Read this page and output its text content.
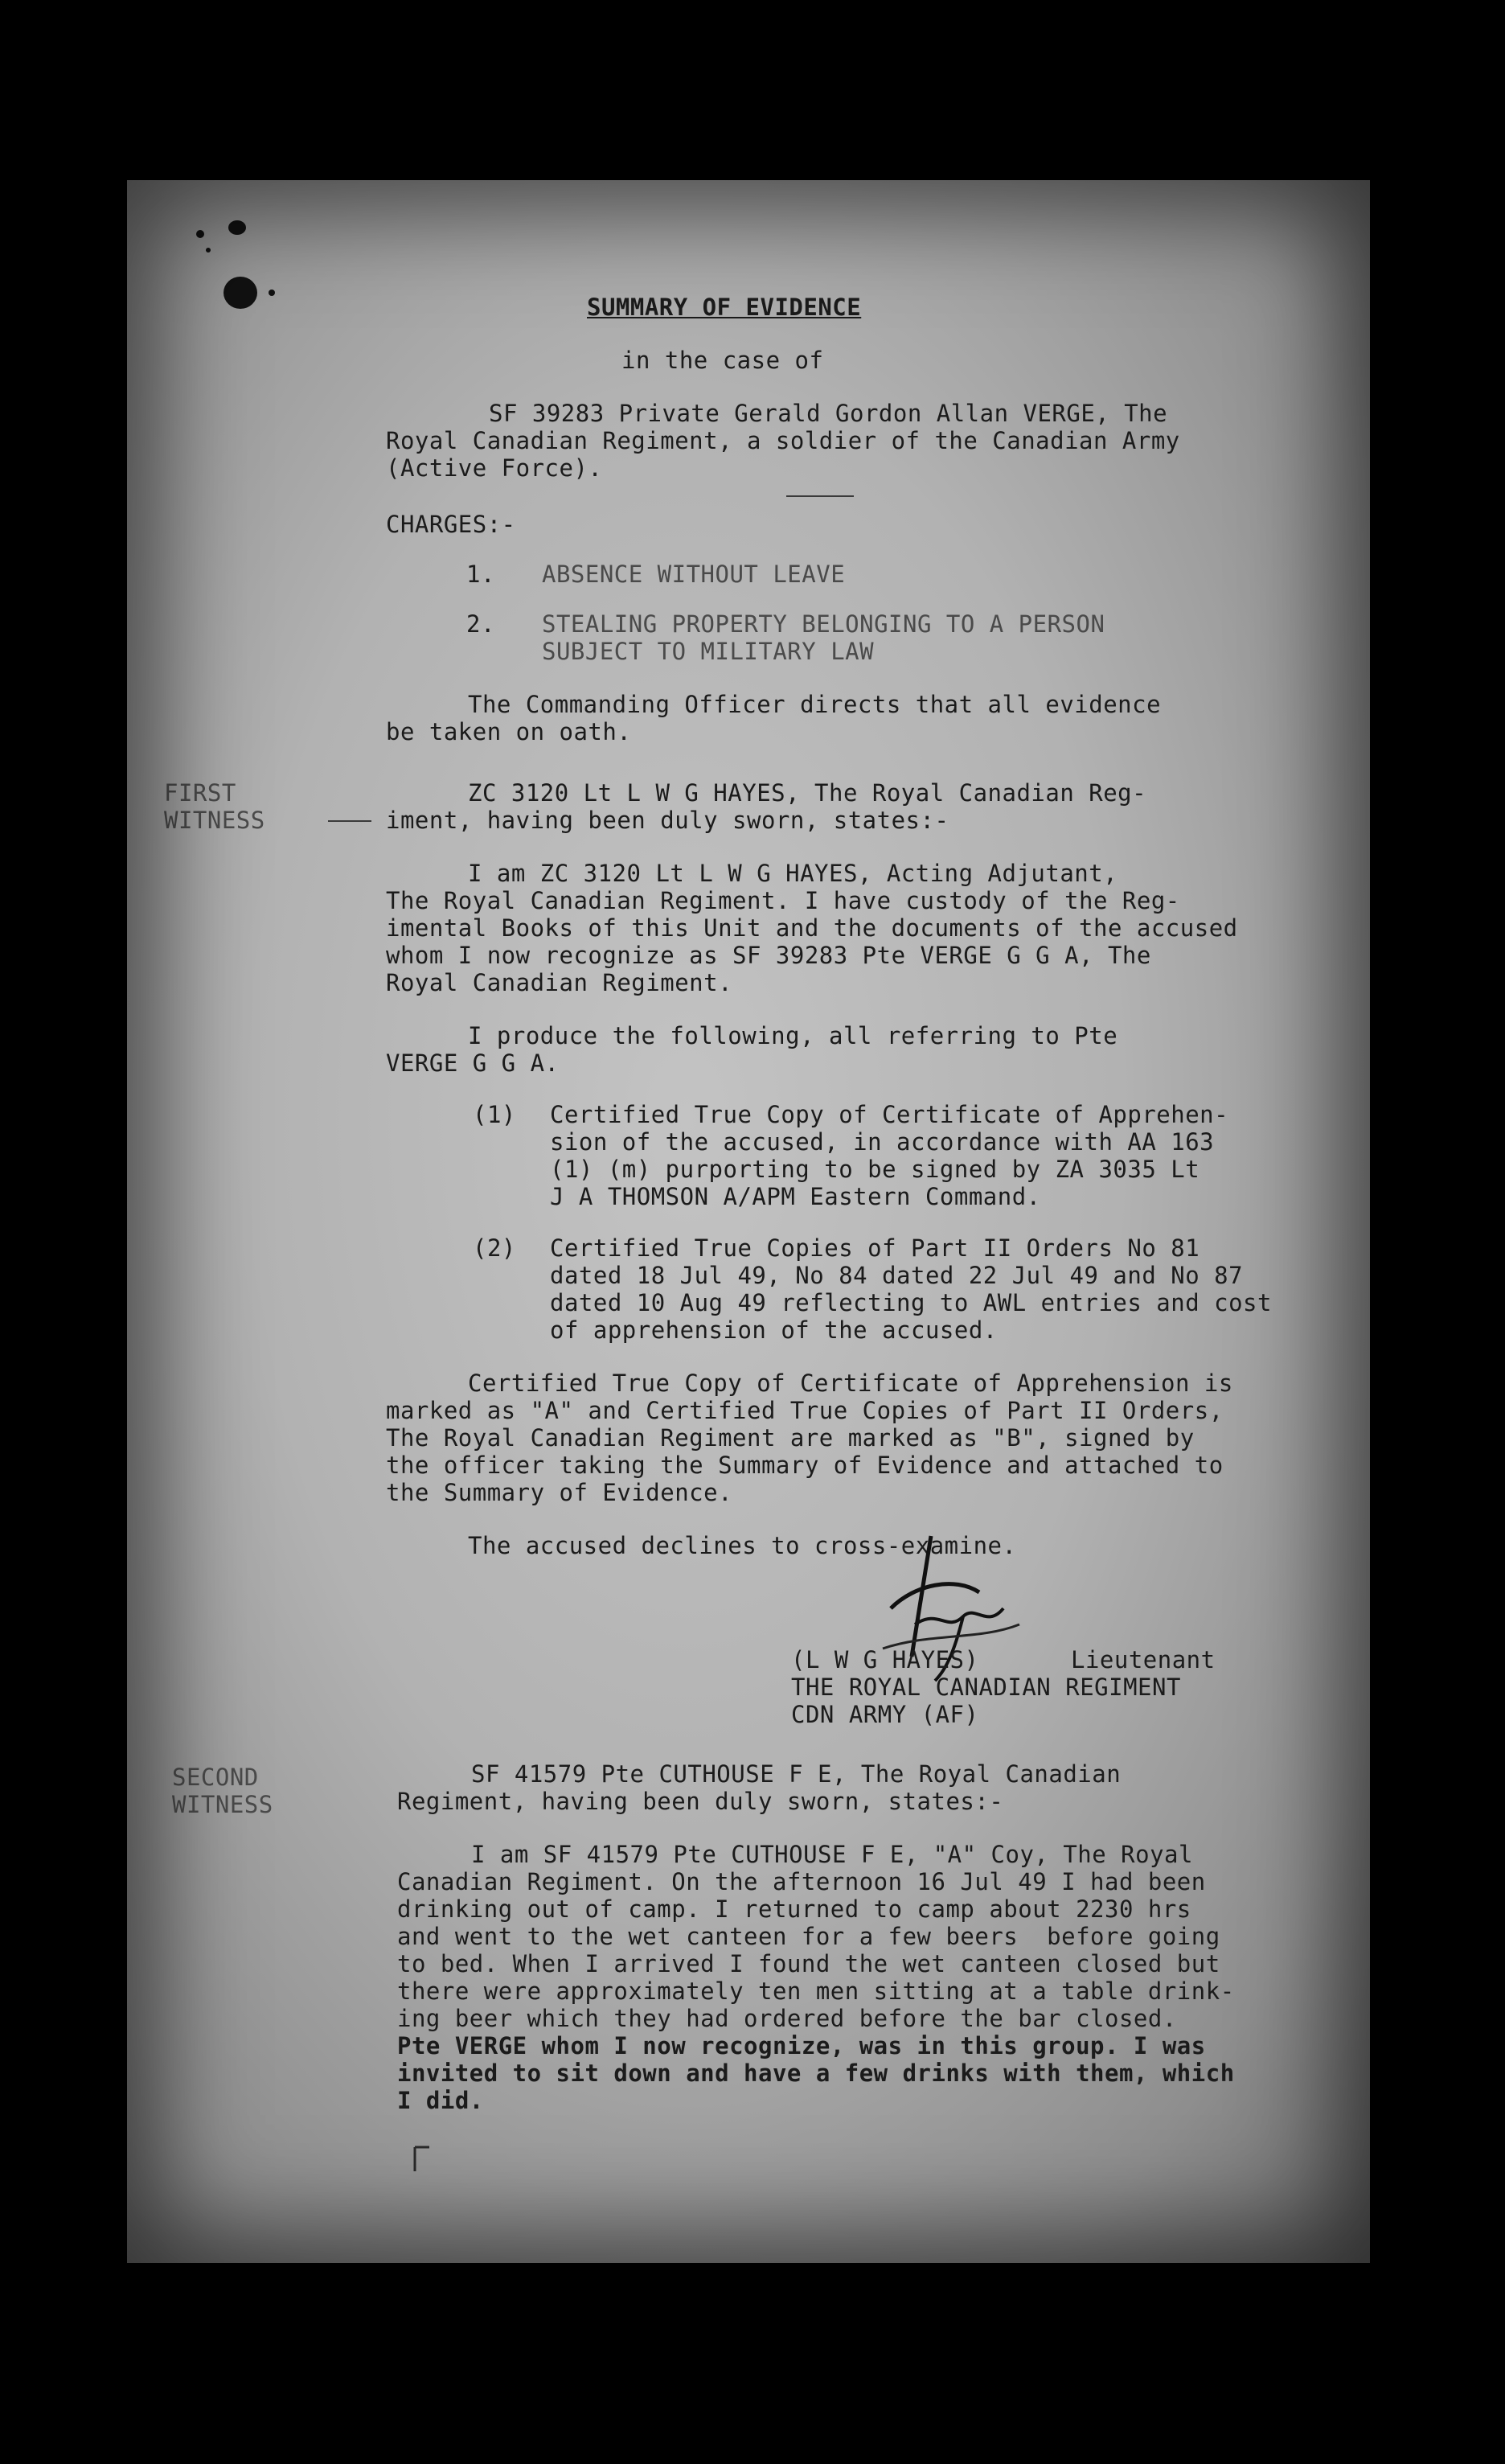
SUMMARY OF EVIDENCE
in the case of
SF 39283 Private Gerald Gordon Allan VERGE, The
Royal Canadian Regiment, a soldier of the Canadian Army
(Active Force).
CHARGES:-
1. ABSENCE WITHOUT LEAVE
2. STEALING PROPERTY BELONGING TO A PERSON
SUBJECT TO MILITARY LAW
The Commanding Officer directs that all evidence
be taken on oath.
FIRST
WITNESS
ZC 3120 Lt L W G HAYES, The Royal Canadian Reg-
iment, having been duly sworn, states:-
I am ZC 3120 Lt L W G HAYES, Acting Adjutant,
The Royal Canadian Regiment. I have custody of the Reg-
imental Books of this Unit and the documents of the accused
whom I now recognize as SF 39283 Pte VERGE G G A, The
Royal Canadian Regiment.
I produce the following, all referring to Pte
VERGE G G A.
(1) Certified True Copy of Certificate of Apprehen-
sion of the accused, in accordance with AA 163
(1) (m) purporting to be signed by ZA 3035 Lt
J A THOMSON A/APM Eastern Command.
(2) Certified True Copies of Part II Orders No 81
dated 18 Jul 49, No 84 dated 22 Jul 49 and No 87
dated 10 Aug 49 reflecting to AWL entries and cost
of apprehension of the accused.
Certified True Copy of Certificate of Apprehension is
marked as "A" and Certified True Copies of Part II Orders,
The Royal Canadian Regiment are marked as "B", signed by
the officer taking the Summary of Evidence and attached to
the Summary of Evidence.
The accused declines to cross-examine.
(L W G HAYES)	Lieutenant
THE ROYAL CANADIAN REGIMENT
CDN ARMY (AF)
SECOND
WITNESS
SF 41579 Pte CUTHOUSE F E, The Royal Canadian
Regiment, having been duly sworn, states:-
I am SF 41579 Pte CUTHOUSE F E, "A" Coy, The Royal
Canadian Regiment. On the afternoon 16 Jul 49 I had been
drinking out of camp. I returned to camp about 2230 hrs
and went to the wet canteen for a few beers  before going
to bed. When I arrived I found the wet canteen closed but
there were approximately ten men sitting at a table drink-
ing beer which they had ordered before the bar closed.
Pte VERGE whom I now recognize, was in this group. I was
invited to sit down and have a few drinks with them, which
I did.
